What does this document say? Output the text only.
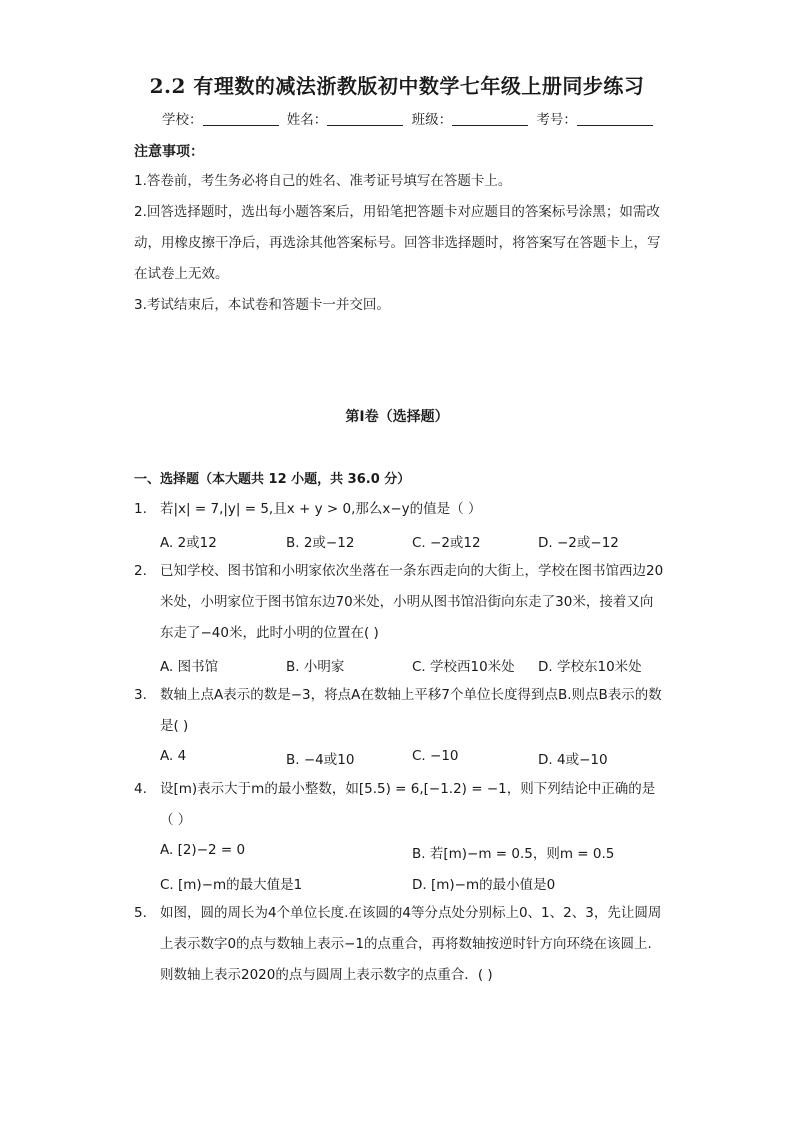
2.2 有理数的减法浙教版初中数学七年级上册同步练习
学校：	姓名：	班级：	考号：
注意事项：
1.答卷前，考生务必将自己的姓名、准考证号填写在答题卡上。
2.回答选择题时，选出每小题答案后，用铅笔把答题卡对应题目的答案标号涂黑；如需改动，用橡皮擦干净后，再选涂其他答案标号。回答非选择题时，将答案写在答题卡上，写在试卷上无效。
3.考试结束后，本试卷和答题卡一并交回。
第I卷（选择题）
一、选择题（本大题共 12 小题，共 36.0 分）
1. 若|x| = 7,|y| = 5,且x + y > 0,那么x−y的值是（ ）
A. 2或12	B. 2或−12	C. −2或12	D. −2或−12
2. 已知学校、图书馆和小明家依次坐落在一条东西走向的大街上，学校在图书馆西边20米处，小明家位于图书馆东边70米处，小明从图书馆沿街向东走了30米，接着又向东走了−40米，此时小明的位置在( )
A. 图书馆	B. 小明家	C. 学校西10米处 D. 学校东10米处
3. 数轴上点A表示的数是−3，将点A在数轴上平移7个单位长度得到点B.则点B表示的数是( )
A. 4	B. −4或10	C. −10	D. 4或−10
4. 设[m)表示大于m的最小整数，如[5.5) = 6,[−1.2) = −1，则下列结论中正确的是（ ）
A. [2)−2 = 0	B. 若[m)−m = 0.5，则m = 0.5
C. [m)−m的最大值是1	D. [m)−m的最小值是0
5. 如图，圆的周长为4个单位长度.在该圆的4等分点处分别标上0、1、2、3，先让圆周上表示数字0的点与数轴上表示−1的点重合，再将数轴按逆时针方向环绕在该圆上.则数轴上表示2020的点与圆周上表示数字的点重合．( )
